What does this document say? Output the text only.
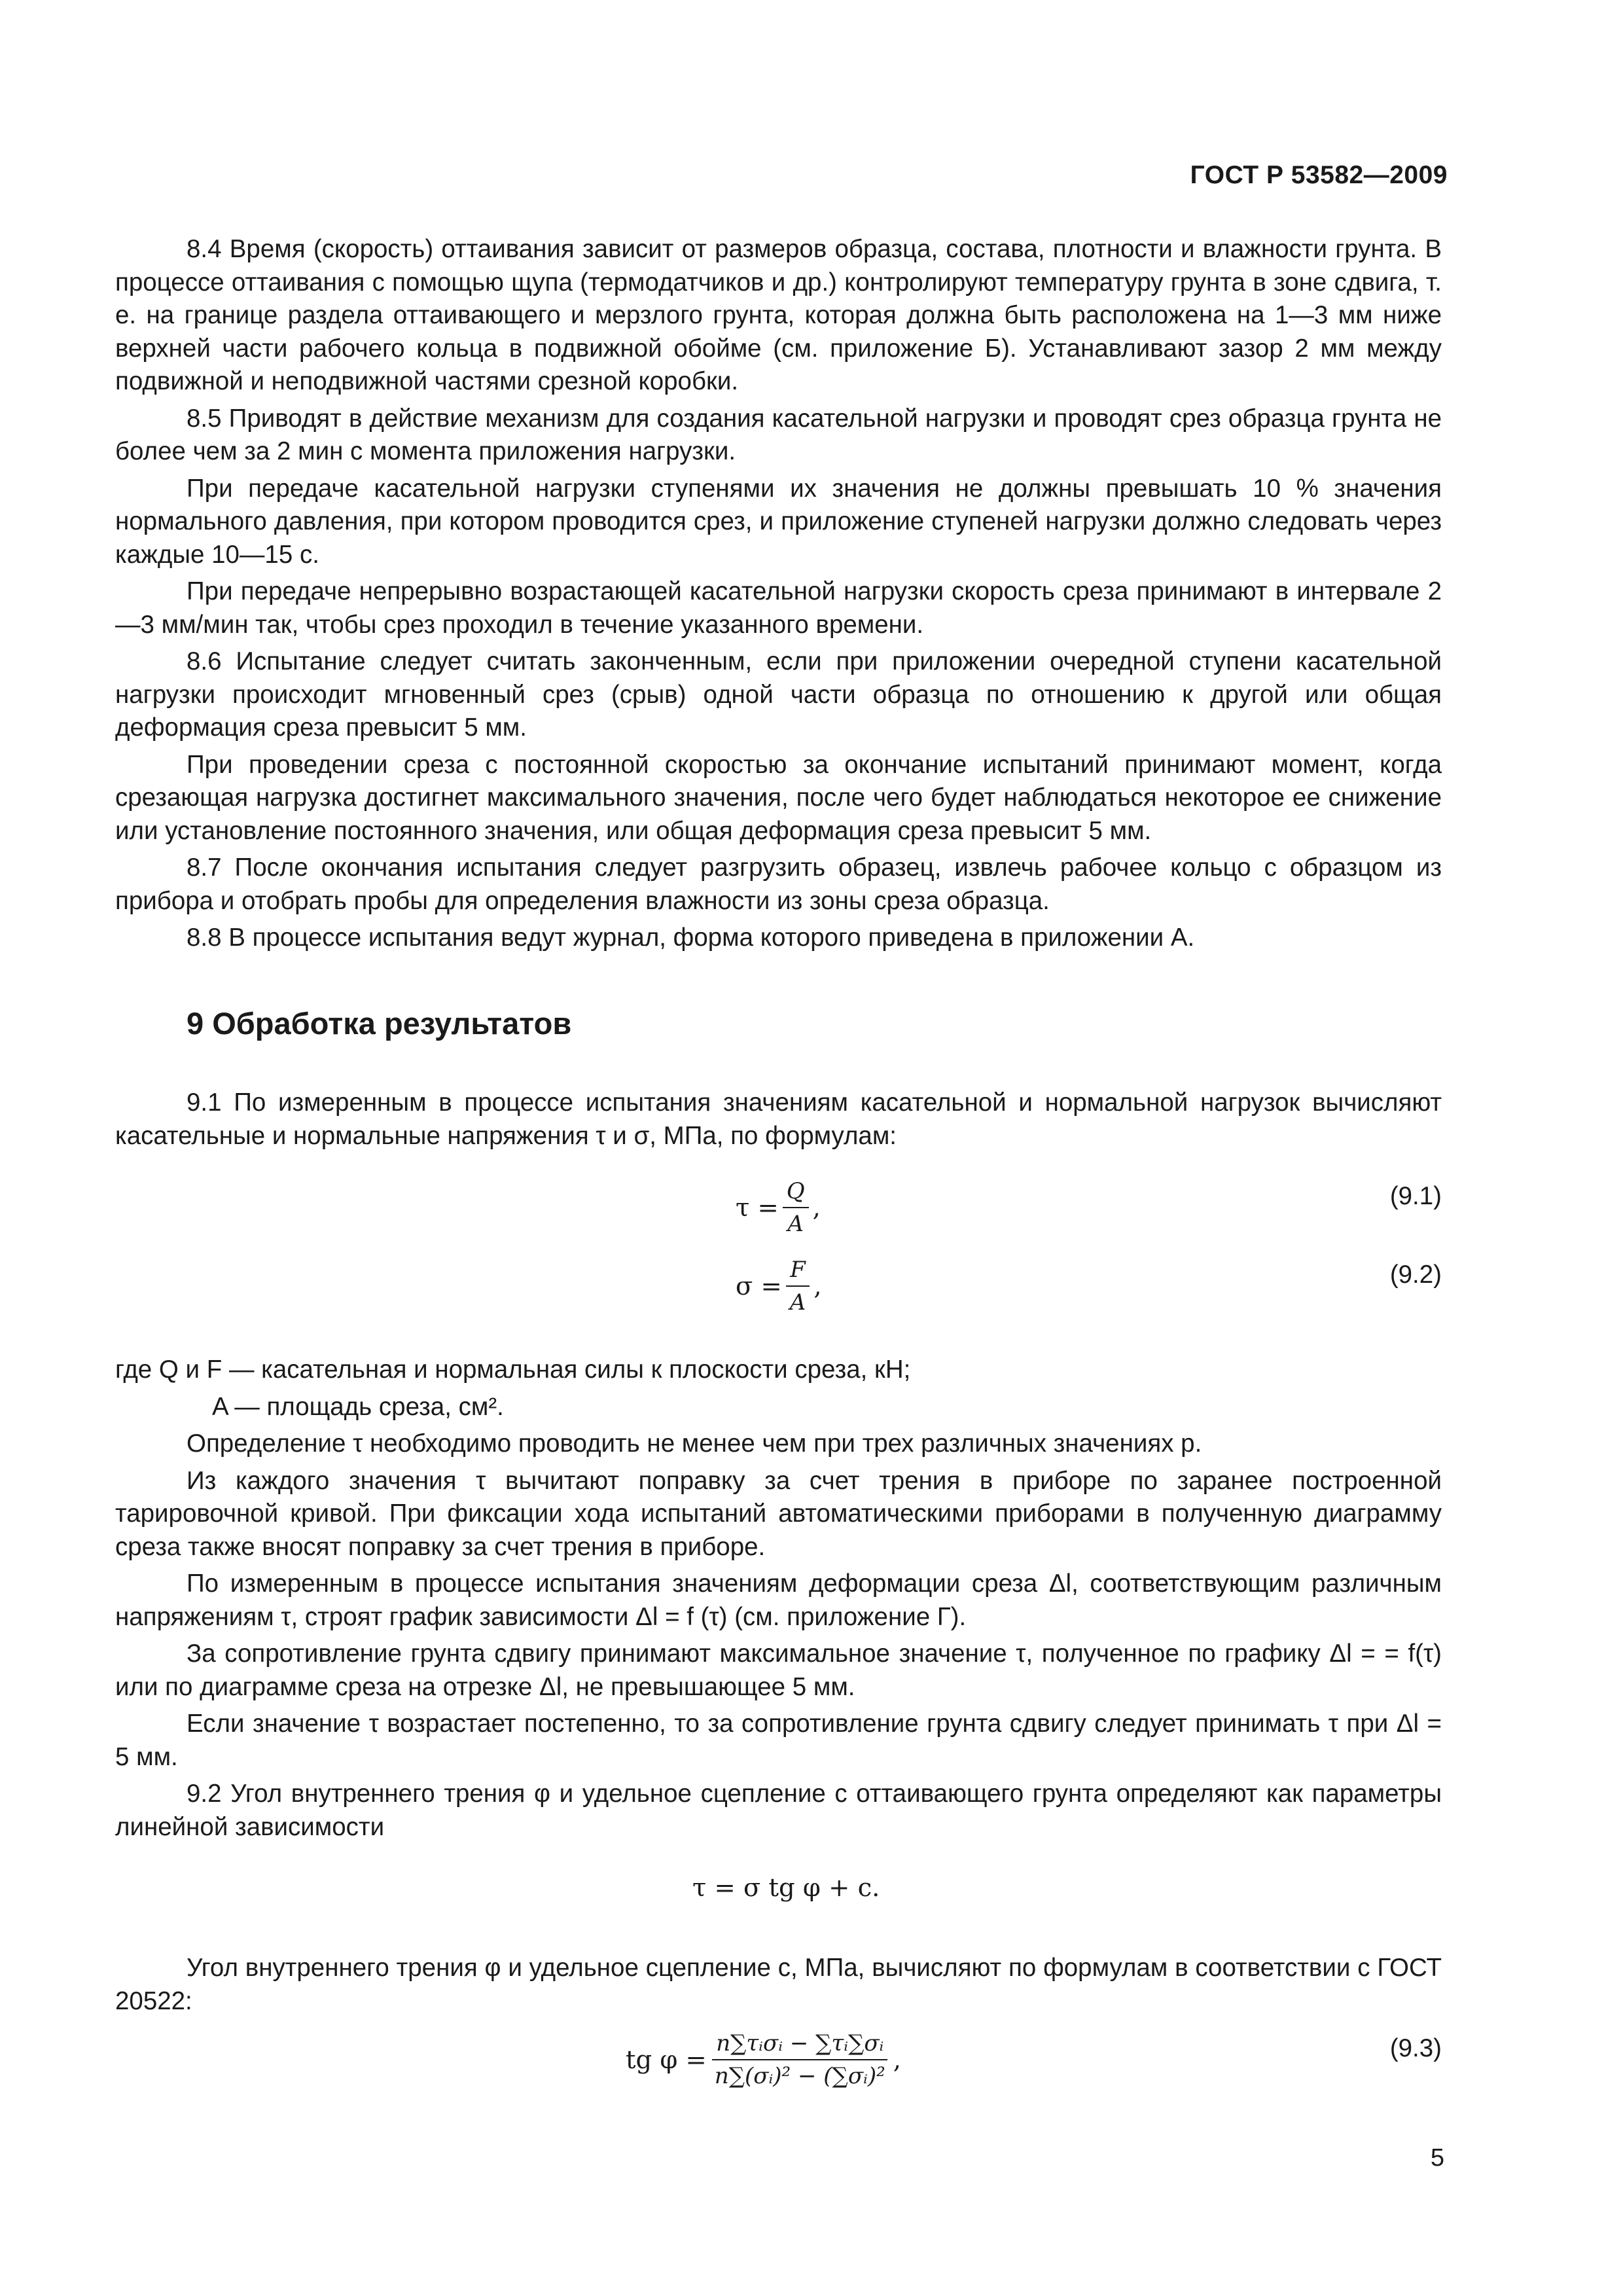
ГОСТ Р 53582—2009

8.4 Время (скорость) оттаивания зависит от размеров образца, состава, плотности и влажности грунта. В процессе оттаивания с помощью щупа (термодатчиков и др.) контролируют температуру грунта в зоне сдвига, т. е. на границе раздела оттаивающего и мерзлого грунта, которая должна быть расположена на 1—3 мм ниже верхней части рабочего кольца в подвижной обойме (см. приложение Б). Устанавливают зазор 2 мм между подвижной и неподвижной частями срезной коробки.

8.5 Приводят в действие механизм для создания касательной нагрузки и проводят срез образца грунта не более чем за 2 мин с момента приложения нагрузки.

При передаче касательной нагрузки ступенями их значения не должны превышать 10 % значения нормального давления, при котором проводится срез, и приложение ступеней нагрузки должно следовать через каждые 10—15 с.

При передаче непрерывно возрастающей касательной нагрузки скорость среза принимают в интервале 2—3 мм/мин так, чтобы срез проходил в течение указанного времени.

8.6 Испытание следует считать законченным, если при приложении очередной ступени касательной нагрузки происходит мгновенный срез (срыв) одной части образца по отношению к другой или общая деформация среза превысит 5 мм.

При проведении среза с постоянной скоростью за окончание испытаний принимают момент, когда срезающая нагрузка достигнет максимального значения, после чего будет наблюдаться некоторое ее снижение или установление постоянного значения, или общая деформация среза превысит 5 мм.

8.7 После окончания испытания следует разгрузить образец, извлечь рабочее кольцо с образцом из прибора и отобрать пробы для определения влажности из зоны среза образца.

8.8 В процессе испытания ведут журнал, форма которого приведена в приложении А.

9 Обработка результатов

9.1 По измеренным в процессе испытания значениям касательной и нормальной нагрузок вычисляют касательные и нормальные напряжения τ и σ, МПа, по формулам:

$\tau = \frac{Q}{A}$ ,	(9.1)
$\sigma = \frac{F}{A}$ ,	(9.2)

где Q и F — касательная и нормальная силы к плоскости среза, кН;

A — площадь среза, см².

Определение τ необходимо проводить не менее чем при трех различных значениях p.

Из каждого значения τ вычитают поправку за счет трения в приборе по заранее построенной тарировочной кривой. При фиксации хода испытаний автоматическими приборами в полученную диаграмму среза также вносят поправку за счет трения в приборе.

По измеренным в процессе испытания значениям деформации среза Δl, соответствующим различным напряжениям τ, строят график зависимости Δl = f (τ) (см. приложение Г).

За сопротивление грунта сдвигу принимают максимальное значение τ, полученное по графику Δl = = f(τ) или по диаграмме среза на отрезке Δl, не превышающее 5 мм.

Если значение τ возрастает постепенно, то за сопротивление грунта сдвигу следует принимать τ при Δl = 5 мм.

9.2 Угол внутреннего трения φ и удельное сцепление c оттаивающего грунта определяют как параметры линейной зависимости

τ = σ tg φ + c.

Угол внутреннего трения φ и удельное сцепление c, МПа, вычисляют по формулам в соответствии с ГОСТ 20522:

tg $\varphi = \frac{\text{n∑τᵢσᵢ − ∑τᵢ∑σᵢ}}{\text{n∑(σᵢ)² − (∑σᵢ)²}}$ ,	(9.3)
5
